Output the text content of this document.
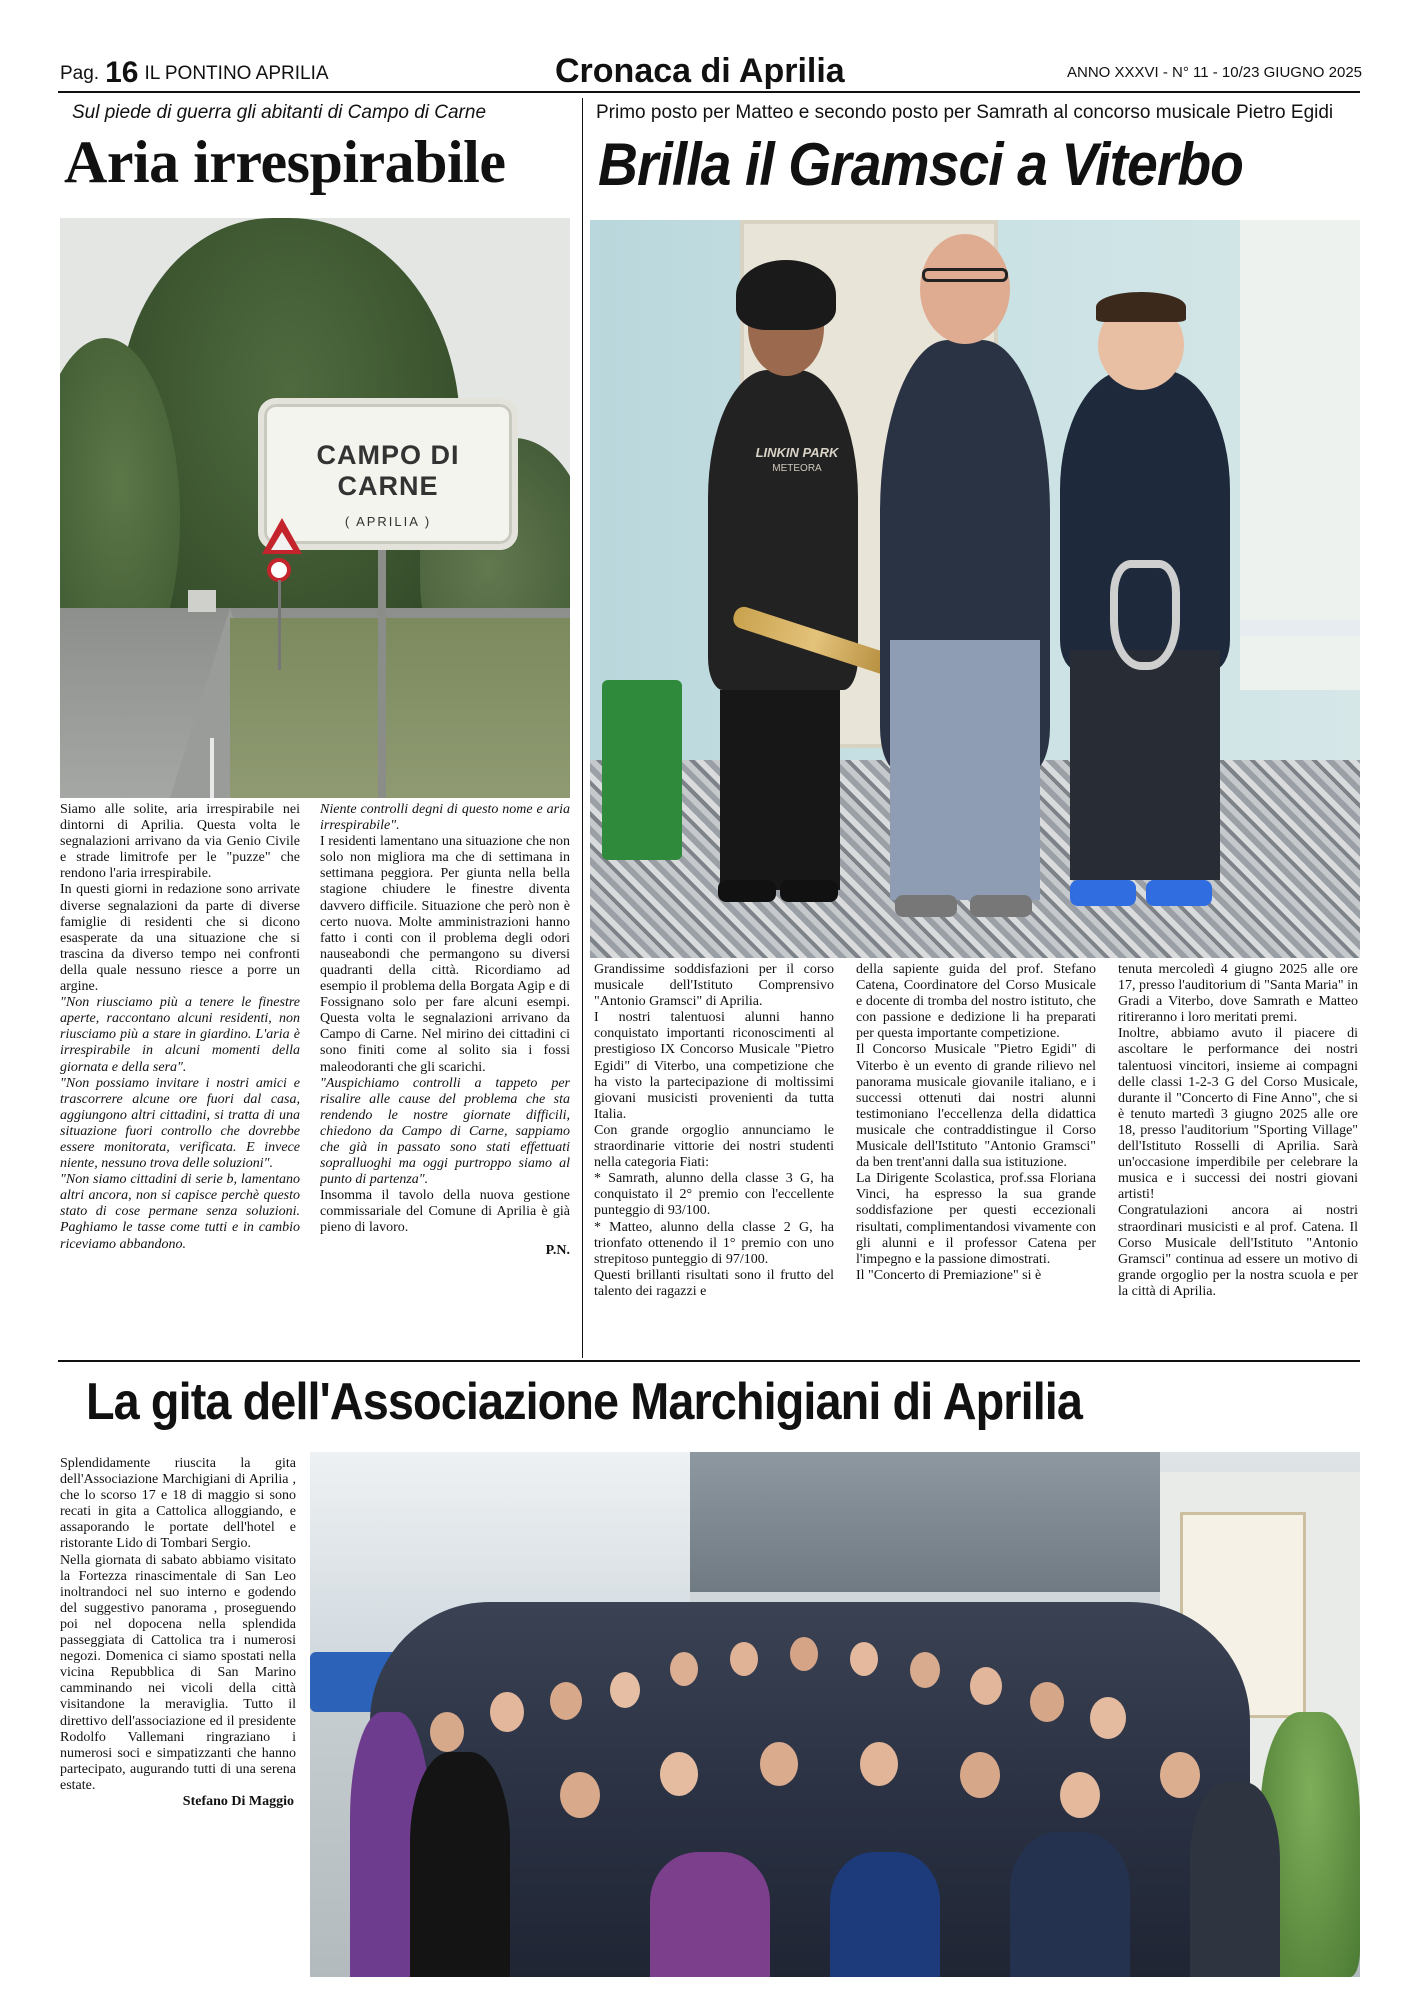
Pag. 16 IL PONTINO APRILIA	Cronaca di Aprilia	ANNO XXXVI - N° 11 - 10/23 GIUGNO 2025
Sul piede di guerra gli abitanti di Campo di Carne
Aria irrespirabile
CAMPO DI CARNE
( APRILIA )

Siamo alle solite, aria irrespirabile nei dintorni di Aprilia. Questa volta le segnalazioni arrivano da via Genio Civile e strade limitrofe per le "puzze" che rendono l'aria irrespirabile.

In questi giorni in redazione sono arrivate diverse segnalazioni da parte di diverse famiglie di residenti che si dicono esasperate da una situazione che si trascina da diverso tempo nei confronti della quale nessuno riesce a porre un argine.

"Non riusciamo più a tenere le finestre aperte, raccontano alcuni residenti, non riusciamo più a stare in giardino. L'aria è irrespirabile in alcuni momenti della giornata e della sera".

"Non possiamo invitare i nostri amici e trascorrere alcune ore fuori dal casa, aggiungono altri cittadini, si tratta di una situazione fuori controllo che dovrebbe essere monitorata, verificata. E invece niente, nessuno trova delle soluzioni".

"Non siamo cittadini di serie b, lamentano altri ancora, non si capisce perchè questo stato di cose permane senza soluzioni. Paghiamo le tasse come tutti e in cambio riceviamo abbandono.

Niente controlli degni di questo nome e aria irrespirabile".

I residenti lamentano una situazione che non solo non migliora ma che di settimana in settimana peggiora. Per giunta nella bella stagione chiudere le finestre diventa davvero difficile. Situazione che però non è certo nuova. Molte amministrazioni hanno fatto i conti con il problema degli odori nauseabondi che permangono su diversi quadranti della città. Ricordiamo ad esempio il problema della Borgata Agip e di Fossignano solo per fare alcuni esempi. Questa volta le segnalazioni arrivano da Campo di Carne. Nel mirino dei cittadini ci sono finiti come al solito sia i fossi maleodoranti che gli scarichi.

"Auspichiamo controlli a tappeto per risalire alle cause del problema che sta rendendo le nostre giornate difficili, chiedono da Campo di Carne, sappiamo che già in passato sono stati effettuati sopralluoghi ma oggi purtroppo siamo al punto di partenza".

Insomma il tavolo della nuova gestione commissariale del Comune di Aprilia è già pieno di lavoro.

P.N.

Primo posto per Matteo e secondo posto per Samrath al concorso musicale Pietro Egidi
Brilla il Gramsci a Viterbo
LINKIN PARK
METEORA

Grandissime soddisfazioni per il corso musicale dell'Istituto Comprensivo "Antonio Gramsci" di Aprilia.

I nostri talentuosi alunni hanno conquistato importanti riconoscimenti al prestigioso IX Concorso Musicale "Pietro Egidi" di Viterbo, una competizione che ha visto la partecipazione di moltissimi giovani musicisti provenienti da tutta Italia.

Con grande orgoglio annunciamo le straordinarie vittorie dei nostri studenti nella categoria Fiati:

* Samrath, alunno della classe 3 G, ha conquistato il 2° premio con l'eccellente punteggio di 93/100.

* Matteo, alunno della classe 2 G, ha trionfato ottenendo il 1° premio con uno strepitoso punteggio di 97/100.

Questi brillanti risultati sono il frutto del talento dei ragazzi e

della sapiente guida del prof. Stefano Catena, Coordinatore del Corso Musicale e docente di tromba del nostro istituto, che con passione e dedizione li ha preparati per questa importante competizione.

Il Concorso Musicale "Pietro Egidi" di Viterbo è un evento di grande rilievo nel panorama musicale giovanile italiano, e i successi ottenuti dai nostri alunni testimoniano l'eccellenza della didattica musicale che contraddistingue il Corso Musicale dell'Istituto "Antonio Gramsci" da ben trent'anni dalla sua istituzione.

La Dirigente Scolastica, prof.ssa Floriana Vinci, ha espresso la sua grande soddisfazione per questi eccezionali risultati, complimentandosi vivamente con gli alunni e il professor Catena per l'impegno e la passione dimostrati.

Il "Concerto di Premiazione" si è

tenuta mercoledì 4 giugno 2025 alle ore 17, presso l'auditorium di "Santa Maria" in Gradi a Viterbo, dove Samrath e Matteo ritireranno i loro meritati premi.

Inoltre, abbiamo avuto il piacere di ascoltare le performance dei nostri talentuosi vincitori, insieme ai compagni delle classi 1-2-3 G del Corso Musicale, durante il "Concerto di Fine Anno", che si è tenuto martedì 3 giugno 2025 alle ore 18, presso l'auditorium "Sporting Village" dell'Istituto Rosselli di Aprilia. Sarà un'occasione imperdibile per celebrare la musica e i successi dei nostri giovani artisti!

Congratulazioni ancora ai nostri straordinari musicisti e al prof. Catena. Il Corso Musicale dell'Istituto "Antonio Gramsci" continua ad essere un motivo di grande orgoglio per la nostra scuola e per la città di Aprilia.

La gita dell'Associazione Marchigiani di Aprilia

Splendidamente riuscita la gita dell'Associazione Marchigiani di Aprilia , che lo scorso 17 e 18 di maggio si sono recati in gita a Cattolica alloggiando, e assaporando le portate dell'hotel e ristorante Lido di Tombari Sergio.

Nella giornata di sabato abbiamo visitato la Fortezza rinascimentale di San Leo inoltrandoci nel suo interno e godendo del suggestivo panorama , proseguendo poi nel dopocena nella splendida passeggiata di Cattolica tra i numerosi negozi. Domenica ci siamo spostati nella vicina Repubblica di San Marino camminando nei vicoli della città visitandone la meraviglia. Tutto il direttivo dell'associazione ed il presidente Rodolfo Vallemani ringraziano i numerosi soci e simpatizzanti che hanno partecipato, augurando tutti di una serena estate.

Stefano Di Maggio
